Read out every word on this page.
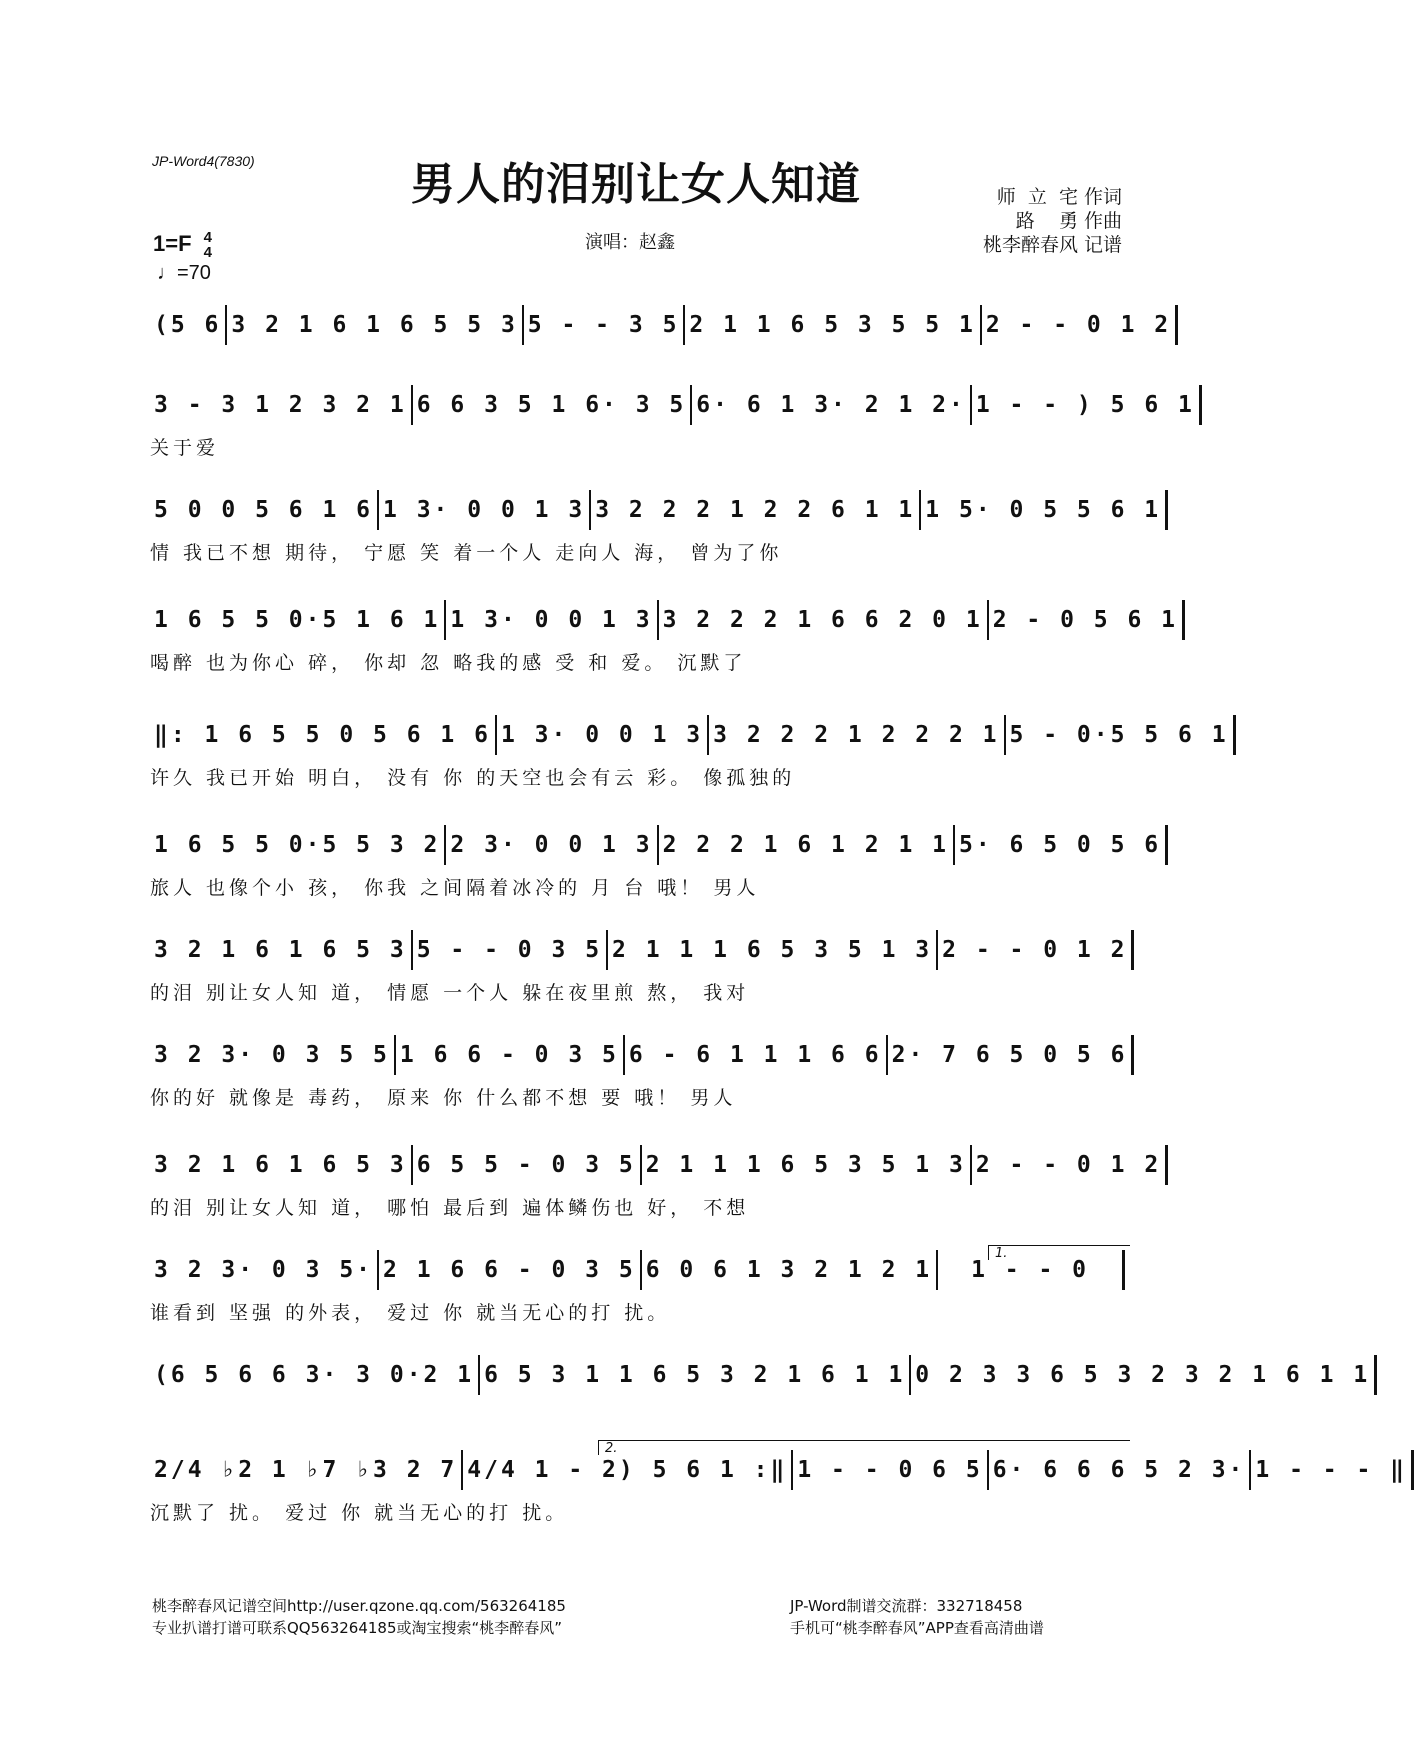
JP-Word4(7830)	男人的泪别让女人知道	师  立  宅 作词
路    勇 作曲
桃李醉春风 记谱
1=F 4
4
♩=70
演唱：赵鑫
(5 6 3 2 1 6 1 6 5 5 3 5 - - 3 5 2 1 1 6 5 3 5 5 1 2 - - 0 1 2
3 - 3 1 2 3 2 1 6 6 3 5 1 6· 3 5 6· 6 1 3· 2 1 2· 1 - - ) 5 6 1
关于爱
5 0 0 5 6 1 6 1 3· 0 0 1 3 3 2 2 2 1 2 2 6 1 1 1 5· 0 5 5 6 1
情 我已不想 期待， 宁愿 笑 着一个人 走向人 海， 曾为了你
1 6 5 5 0·5 1 6 1 1 3· 0 0 1 3 3 2 2 2 1 6 6 2 0 1 2 - 0 5 6 1
喝醉 也为你心 碎， 你却 忽 略我的感 受 和 爱。 沉默了
‖: 1 6 5 5 0 5 6 1 6 1 3· 0 0 1 3 3 2 2 2 1 2 2 2 1 5 - 0·5 5 6 1
许久 我已开始 明白， 没有 你 的天空也会有云 彩。 像孤独的
1 6 5 5 0·5 5 3 2 2 3· 0 0 1 3 2 2 2 1 6 1 2 1 1 5· 6 5 0 5 6
旅人 也像个小 孩， 你我 之间隔着冰冷的 月 台 哦！ 男人
3 2 1 6 1 6 5 3 5 - - 0 3 5 2 1 1 1 6 5 3 5 1 3 2 - - 0 1 2
的泪 别让女人知 道， 情愿 一个人 躲在夜里煎 熬， 我对
3 2 3· 0 3 5 5 1 6 6 - 0 3 5 6 - 6 1 1 1 6 6 2· 7 6 5 0 5 6
你的好 就像是 毒药， 原来 你 什么都不想 要 哦！ 男人
3 2 1 6 1 6 5 3 6 5 5 - 0 3 5 2 1 1 1 6 5 3 5 1 3 2 - - 0 1 2
的泪 别让女人知 道， 哪怕 最后到 遍体鳞伤也 好， 不想
3 2 3· 0 3 5· 2 1 6 6 - 0 3 5 6 0 6 1 3 2 1 2 1 1 - - 0
谁看到 坚强 的外表， 爱过 你 就当无心的打 扰。
(6 5 6 6 3· 3 0·2 1 6 5 3 1 1 6 5 3 2 1 6 1 1 0 2 3 3 6 5 3 2 3 2 1 6 1 1
2/4 ♭2 1 ♭7 ♭3 2 7 4/4 1 - 2) 5 6 1 :‖ 1 - - 0 6 5 6· 6 6 6 5 2 3· 1 - - - ‖
沉默了 扰。 爱过 你 就当无心的打 扰。
1.
2.
桃李醉春风记谱空间http://user.qzone.qq.com/563264185
专业扒谱打谱可联系QQ563264185或淘宝搜索“桃李醉春风”
JP-Word制谱交流群：332718458
手机可“桃李醉春风”APP查看高清曲谱
